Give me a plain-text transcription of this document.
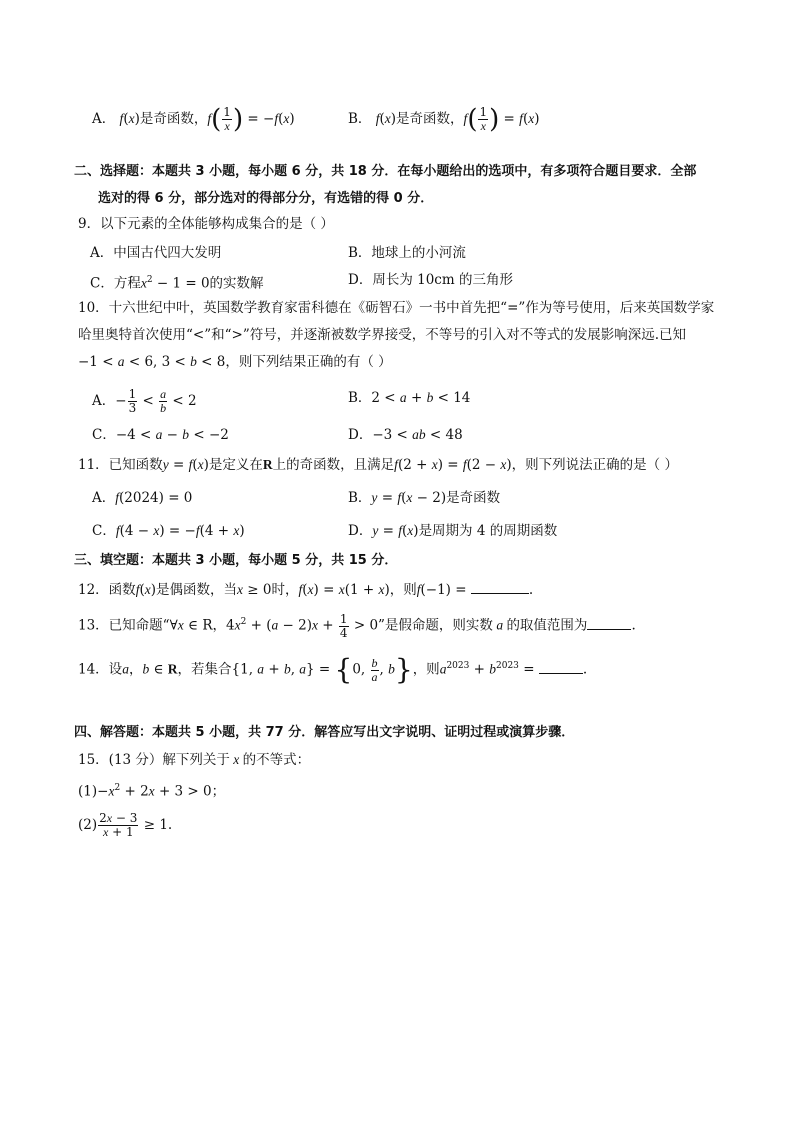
A． f(x)是奇函数，$f( \frac{1}{x}$ ) = −f(x)	B． f(x)是奇函数，$f( \frac{1}{x}$ ) = f(x)
二、选择题：本题共 3 小题，每小题 6 分，共 18 分．在每小题给出的选项中，有多项符合题目要求．全部
选对的得 6 分，部分选对的得部分分，有选错的得 0 分．
9．以下元素的全体能够构成集合的是（ ）
A．中国古代四大发明	B．地球上的小河流
C．方程$x^2 - 1 = 0$的实数解	D．周长为 10cm 的三角形
10．十六世纪中叶，英国数学教育家雷科德在《砺智石》一书中首先把“=”作为等号使用，后来英国数学家
哈里奥特首次使用“<”和“>”符号，并逐渐被数学界接受，不等号的引入对不等式的发展影响深远.已知
−1 < a < 6, 3 < b < 8，则下列结果正确的有（ ）
A．− $\frac{1}{3} < \frac{a}{b} < 2$	B．2 < a + b < 14
C．−4 < a − b < −2	D．−3 < ab < 48
11．已知函数y = f(x)是定义在R上的奇函数，且满足f(2 + x) = f(2 − x)，则下列说法正确的是（ ）
A．f(2024) = 0	B．y = f(x − 2)是奇函数
C．f(4 − x) = −f(4 + x)	D．y = f(x)是周期为 4 的周期函数
三、填空题：本题共 3 小题，每小题 5 分，共 15 分．
12．函数f(x)是偶函数，当x ≥ 0时，f(x) = x(1 + x)，则f(−1) =	.
13．已知命题“∀x ∈ R，$4x^2 + (a - 2)x + \frac{1}{4} > 0$”是假命题，则实数 a 的取值范围为	.
14．设a，b ∈ R，若集合{1, a + b, a} = {0, $\frac{b}{a}$ , b}，则$a^{2023} + b^{2023}$ =	.
四、解答题：本题共 5 小题，共 77 分．解答应写出文字说明、证明过程或演算步骤．
15．(13 分）解下列关于 x 的不等式：
$(1)-x^2 + 2x + 3 > 0$；
$(2) \frac{2x - 3}{x + 1} \ge 1$.
